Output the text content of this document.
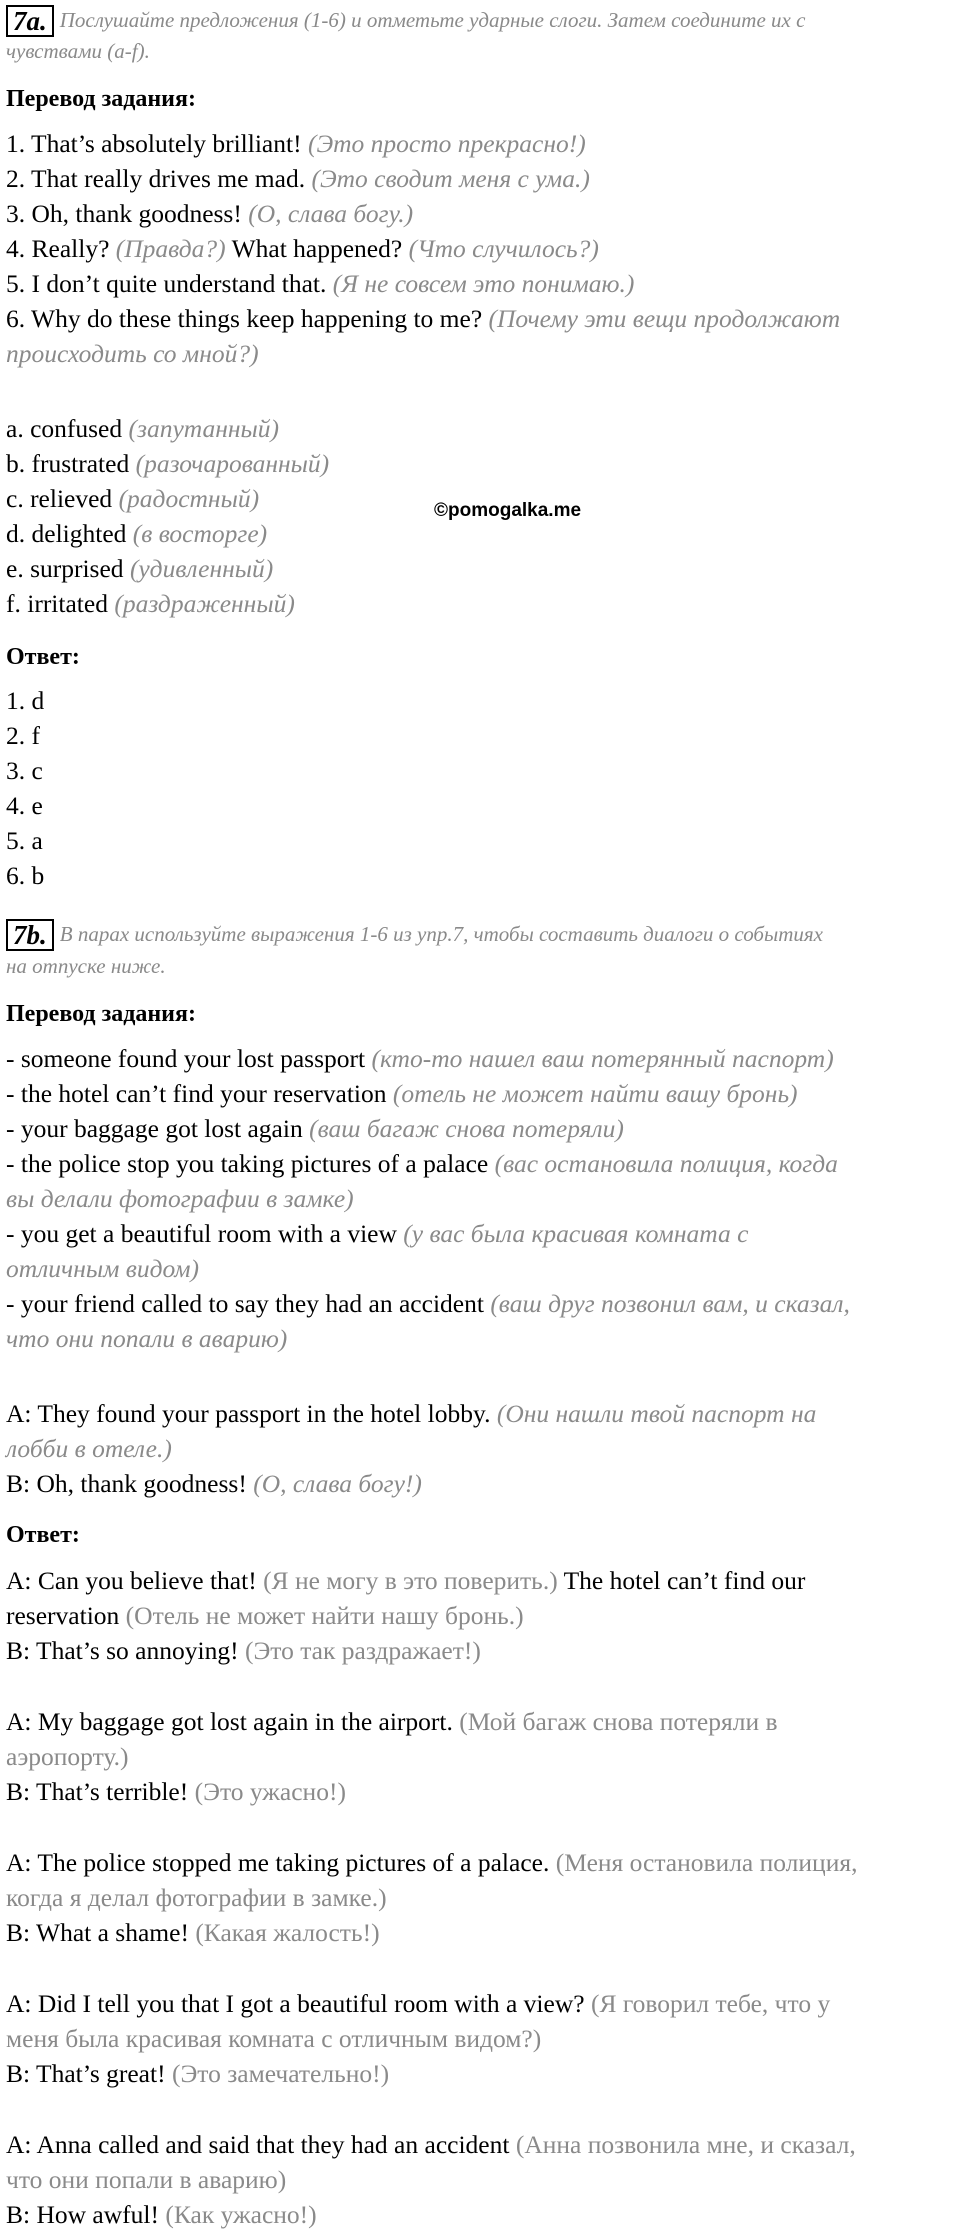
7a. Послушайте предложения (1-6) и отметьте ударные слоги. Затем соедините их с
чувствами (a-f).
Перевод задания:
1. That’s absolutely brilliant! (Это просто прекрасно!)
2. That really drives me mad. (Это сводит меня с ума.)
3. Oh, thank goodness! (О, слава богу.)
4. Really? (Правда?) What happened? (Что случилось?)
5. I don’t quite understand that. (Я не совсем это понимаю.)
6. Why do these things keep happening to me? (Почему эти вещи продолжают
происходить со мной?)
a. confused (запутанный)
b. frustrated (разочарованный)
c. relieved (радостный)
d. delighted (в восторге)
e. surprised (удивленный)
f. irritated (раздраженный)
©pomogalka.me
Ответ:
1. d
2. f
3. c
4. e
5. a
6. b
7b. В парах используйте выражения 1-6 из упр.7, чтобы составить диалоги о событиях
на отпуске ниже.
Перевод задания:
- someone found your lost passport (кто-то нашел ваш потерянный паспорт)
- the hotel can’t find your reservation (отель не может найти вашу бронь)
- your baggage got lost again (ваш багаж снова потеряли)
- the police stop you taking pictures of a palace (вас остановила полиция, когда
вы делали фотографии в замке)
- you get a beautiful room with a view (у вас была красивая комната с
отличным видом)
- your friend called to say they had an accident (ваш друг позвонил вам, и сказал,
что они попали в аварию)
A: They found your passport in the hotel lobby. (Они нашли твой паспорт на
лобби в отеле.)
B: Oh, thank goodness! (О, слава богу!)
Ответ:
A: Can you believe that! (Я не могу в это поверить.) The hotel can’t find our
reservation (Отель не может найти нашу бронь.)
B: That’s so annoying! (Это так раздражает!)
A: My baggage got lost again in the airport. (Мой багаж снова потеряли в
аэропорту.)
B: That’s terrible! (Это ужасно!)
A: The police stopped me taking pictures of a palace. (Меня остановила полиция,
когда я делал фотографии в замке.)
B: What a shame! (Какая жалость!)
A: Did I tell you that I got a beautiful room with a view? (Я говорил тебе, что у
меня была красивая комната с отличным видом?)
B: That’s great! (Это замечательно!)
A: Anna called and said that they had an accident (Анна позвонила мне, и сказал,
что они попали в аварию)
B: How awful! (Как ужасно!)
